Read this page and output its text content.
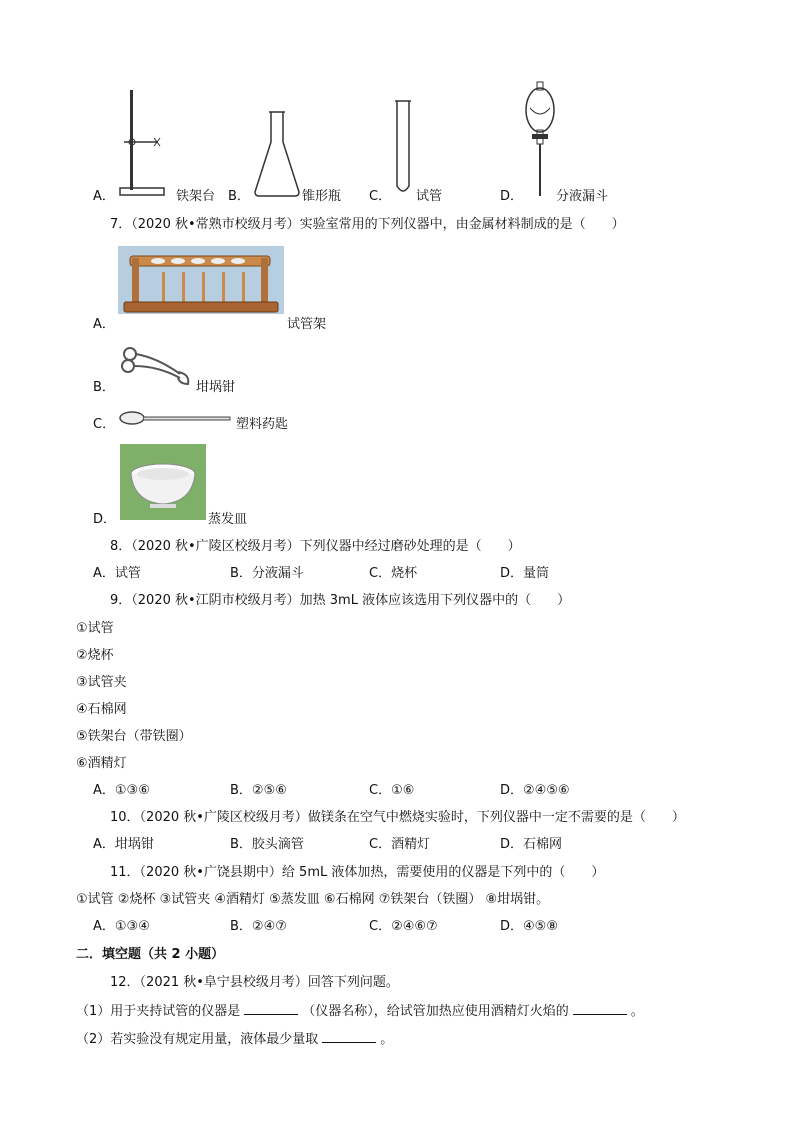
A．	铁架台 B．	锥形瓶 C． 试管	D．	分液漏斗
7．（2020 秋•常熟市校级月考）实验室常用的下列仪器中，由金属材料制成的是（　　）
A．	试管架
B．	坩埚钳
C．	塑料药匙
D．	蒸发皿
8．（2020 秋•广陵区校级月考）下列仪器中经过磨砂处理的是（　　）
A．试管	B．分液漏斗	C．烧杯	D．量筒
9．（2020 秋•江阴市校级月考）加热 3mL 液体应该选用下列仪器中的（　　）
①试管
②烧杯
③试管夹
④石棉网
⑤铁架台（带铁圈）
⑥酒精灯
A．①③⑥	B．②⑤⑥	C．①⑥	D．②④⑤⑥
10．（2020 秋•广陵区校级月考）做镁条在空气中燃烧实验时，下列仪器中一定不需要的是（　　）
A．坩埚钳	B．胶头滴管	C．酒精灯	D．石棉网
11．（2020 秋•广饶县期中）给 5mL 液体加热，需要使用的仪器是下列中的（　　）
①试管 ②烧杯 ③试管夹 ④酒精灯 ⑤蒸发皿 ⑥石棉网 ⑦铁架台（铁圈） ⑧坩埚钳。
A．①③④	B．②④⑦	C．②④⑥⑦	D．④⑤⑧
二．填空题（共 2 小题）
12．（2021 秋•阜宁县校级月考）回答下列问题。
（1）用于夹持试管的仪器是	（仪器名称），给试管加热应使用酒精灯火焰的	。
（2）若实验没有规定用量，液体最少量取	。
